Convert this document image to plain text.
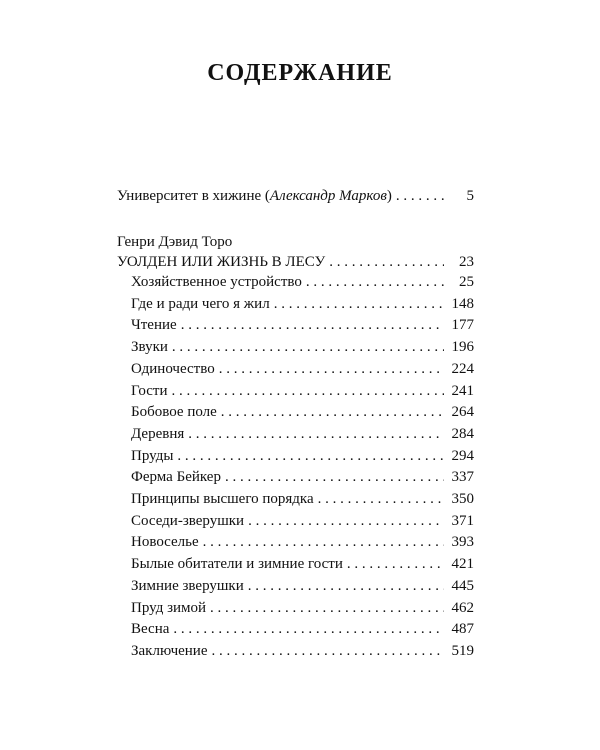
СОДЕРЖАНИЕ
Университет в хижине (Александр Марков) . . .	5
Генри Дэвид Торо
УОЛДЕН ИЛИ ЖИЗНЬ В ЛЕСУ . . .	23
Хозяйственное устройство . . .	25
Где и ради чего я жил . . .	148
Чтение . . .	177
Звуки . . .	196
Одиночество . . .	224
Гости . . .	241
Бобовое поле . . .	264
Деревня . . .	284
Пруды . . .	294
Ферма Бейкер . . .	337
Принципы высшего порядка . . .	350
Соседи-зверушки . . .	371
Новоселье . . .	393
Былые обитатели и зимние гости . . .	421
Зимние зверушки . . .	445
Пруд зимой . . .	462
Весна . . .	487
Заключение . . .	519
